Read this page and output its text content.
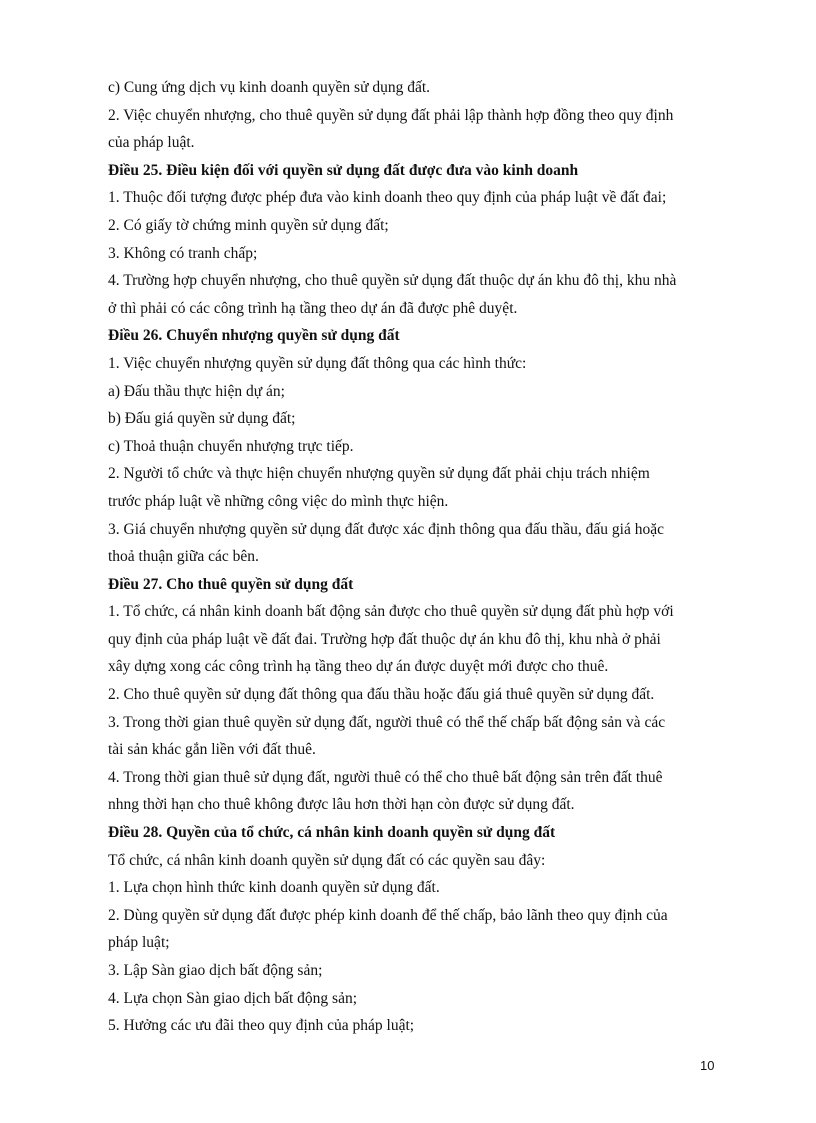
c) Cung ứng dịch vụ kinh doanh quyền sử dụng đất.
2. Việc chuyển nhượng, cho thuê quyền sử dụng đất phải lập thành hợp đồng theo quy định
của pháp luật.
Điều 25. Điều kiện đối với quyền sử dụng đất được đưa vào kinh doanh
1. Thuộc đối tượng được phép đưa vào kinh doanh theo quy định của pháp luật về đất đai;
2. Có giấy tờ chứng minh quyền sử dụng đất;
3. Không có tranh chấp;
4. Trường hợp chuyển nhượng, cho thuê quyền sử dụng đất thuộc dự án khu đô thị, khu nhà
ở thì phải có các công trình hạ tầng theo dự án đã được phê duyệt.
Điều 26. Chuyển nhượng quyền sử dụng đất
1. Việc chuyển nhượng quyền sử dụng đất thông qua các hình thức:
a) Đấu thầu thực hiện dự án;
b) Đấu giá quyền sử dụng đất;
c) Thoả thuận chuyển nhượng trực tiếp.
2. Người tổ chức và thực hiện chuyển nhượng quyền sử dụng đất phải chịu trách nhiệm
trước pháp luật về những công việc do mình thực hiện.
3. Giá chuyển nhượng quyền sử dụng đất được xác định thông qua đấu thầu, đấu giá hoặc
thoả thuận giữa các bên.
Điều 27. Cho thuê quyền sử dụng đất
1. Tổ chức, cá nhân kinh doanh bất động sản được cho thuê quyền sử dụng đất phù hợp với
quy định của pháp luật về đất đai. Trường hợp đất thuộc dự án khu đô thị, khu nhà ở phải
xây dựng xong các công trình hạ tầng theo dự án được duyệt mới được cho thuê.
2. Cho thuê quyền sử dụng đất thông qua đấu thầu hoặc đấu giá thuê quyền sử dụng đất.
3. Trong thời gian thuê quyền sử dụng đất, người thuê có thể thế chấp bất động sản và các
tài sản khác gắn liền với đất thuê.
4. Trong thời gian thuê sử dụng đất, người thuê có thể cho thuê bất động sản trên đất thuê
nhng thời hạn cho thuê không được lâu hơn thời hạn còn được sử dụng đất.
Điều 28. Quyền của tổ chức, cá nhân kinh doanh quyền sử dụng đất
Tổ chức, cá nhân kinh doanh quyền sử dụng đất có các quyền sau đây:
1. Lựa chọn hình thức kinh doanh quyền sử dụng đất.
2. Dùng quyền sử dụng đất được phép kinh doanh để thế chấp, bảo lãnh theo quy định của
pháp luật;
3. Lập Sàn giao dịch bất động sản;
4. Lựa chọn Sàn giao dịch bất động sản;
5. Hưởng các ưu đãi theo quy định của pháp luật;
10
